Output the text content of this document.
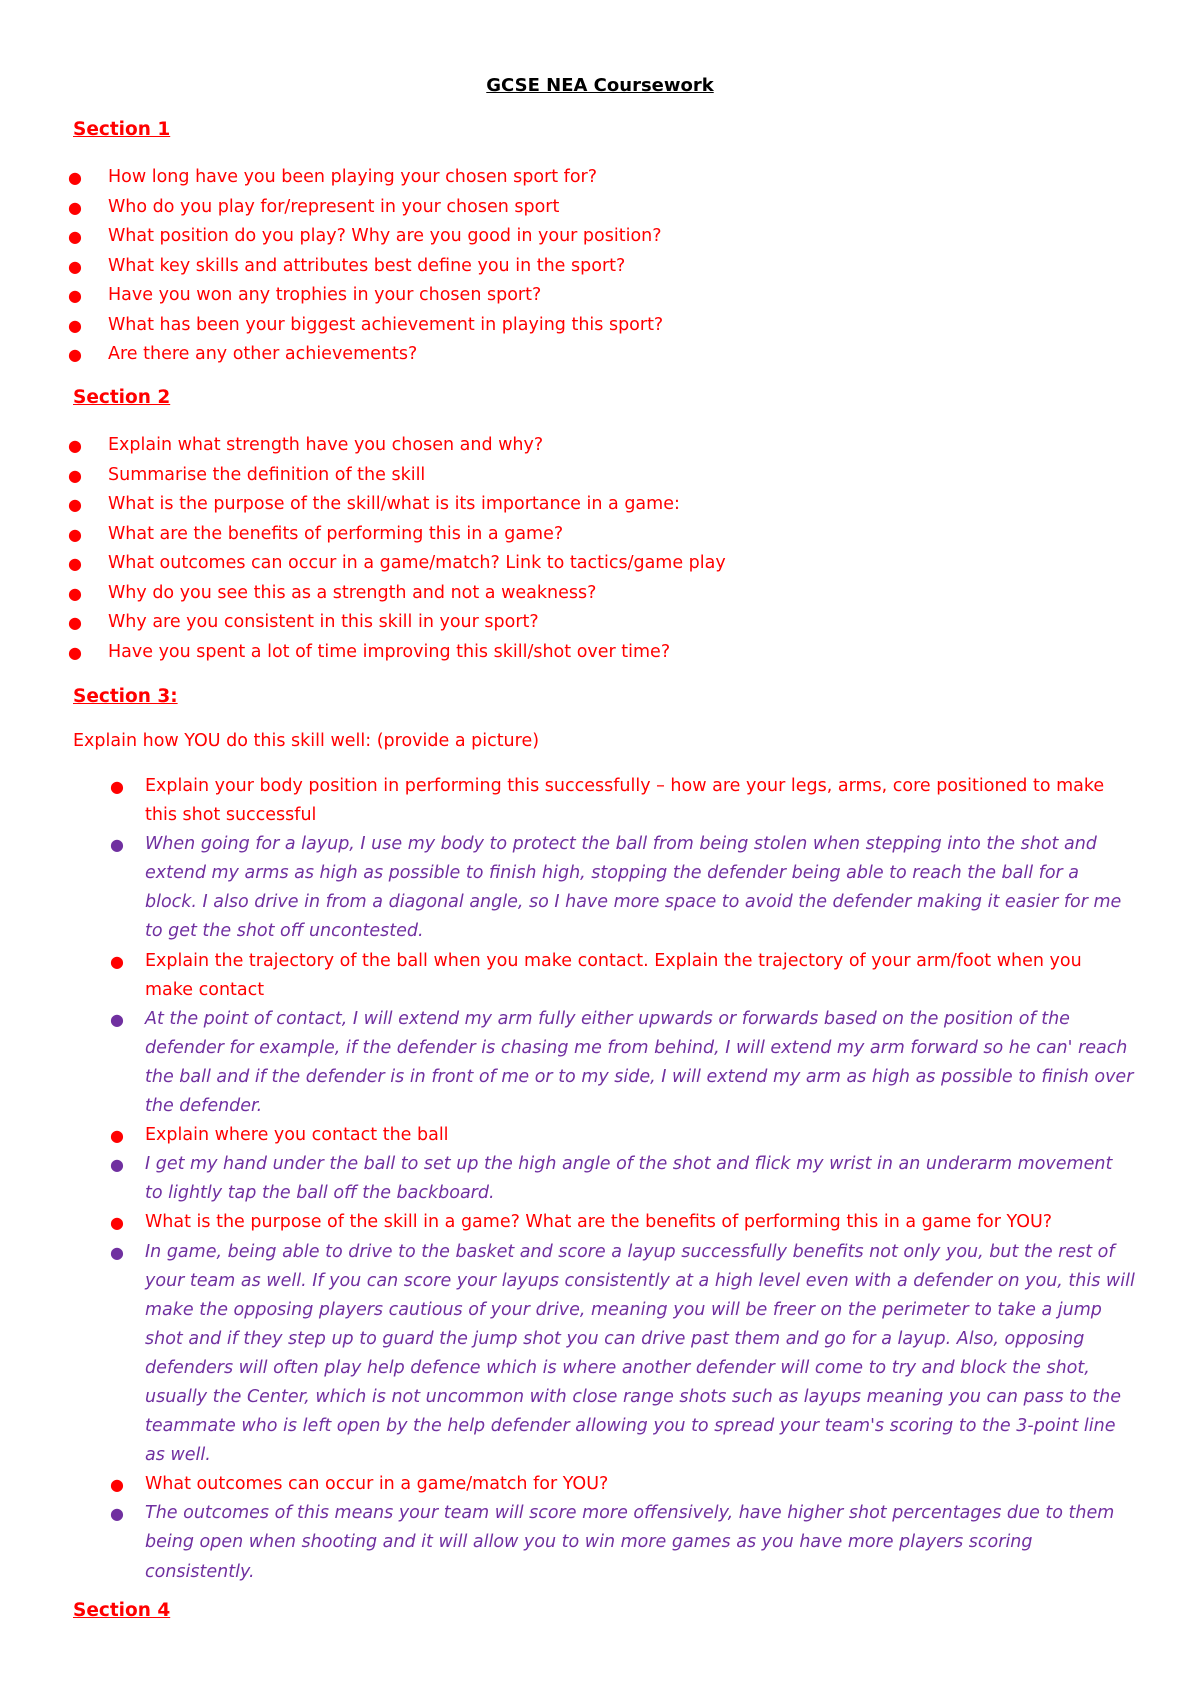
GCSE NEA Coursework

Section 1

● How long have you been playing your chosen sport for?
● Who do you play for/represent in your chosen sport
● What position do you play? Why are you good in your position?
● What key skills and attributes best define you in the sport?
● Have you won any trophies in your chosen sport?
● What has been your biggest achievement in playing this sport?
● Are there any other achievements?

Section 2

● Explain what strength have you chosen and why?
● Summarise the definition of the skill
● What is the purpose of the skill/what is its importance in a game:
● What are the benefits of performing this in a game?
● What outcomes can occur in a game/match? Link to tactics/game play
● Why do you see this as a strength and not a weakness?
● Why are you consistent in this skill in your sport?
● Have you spent a lot of time improving this skill/shot over time?

Section 3:

Explain how YOU do this skill well: (provide a picture)

● Explain your body position in performing this successfully – how are your legs, arms, core positioned to make this shot successful

● When going for a layup, I use my body to protect the ball from being stolen when stepping into the shot and extend my arms as high as possible to finish high, stopping the defender being able to reach the ball for a block. I also drive in from a diagonal angle, so I have more space to avoid the defender making it easier for me to get the shot off uncontested.

● Explain the trajectory of the ball when you make contact. Explain the trajectory of your arm/foot when you make contact

● At the point of contact, I will extend my arm fully either upwards or forwards based on the position of the defender for example, if the defender is chasing me from behind, I will extend my arm forward so he can' reach the ball and if the defender is in front of me or to my side, I will extend my arm as high as possible to finish over the defender.

● Explain where you contact the ball

● I get my hand under the ball to set up the high angle of the shot and flick my wrist in an underarm movement to lightly tap the ball off the backboard.

● What is the purpose of the skill in a game? What are the benefits of performing this in a game for YOU?

● In game, being able to drive to the basket and score a layup successfully benefits not only you, but the rest of your team as well. If you can score your layups consistently at a high level even with a defender on you, this will make the opposing players cautious of your drive, meaning you will be freer on the perimeter to take a jump shot and if they step up to guard the jump shot you can drive past them and go for a layup. Also, opposing defenders will often play help defence which is where another defender will come to try and block the shot, usually the Center, which is not uncommon with close range shots such as layups meaning you can pass to the teammate who is left open by the help defender allowing you to spread your team's scoring to the 3-point line as well.

● What outcomes can occur in a game/match for YOU?

● The outcomes of this means your team will score more offensively, have higher shot percentages due to them being open when shooting and it will allow you to win more games as you have more players scoring consistently.

Section 4
